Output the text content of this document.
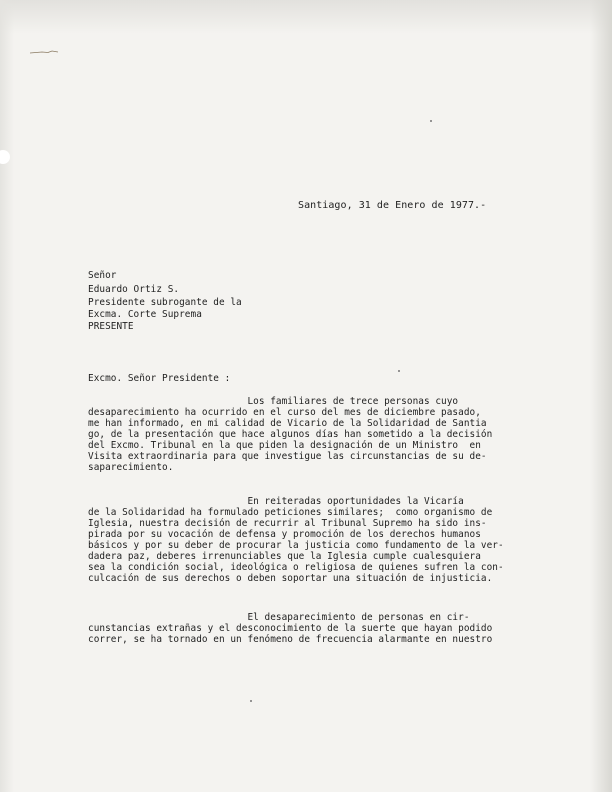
Santiago, 31 de Enero de 1977.-
Señor
Eduardo Ortiz S.
Presidente subrogante de la
Excma. Corte Suprema
PRESENTE
Excmo. Señor Presidente :
Los familiares de trece personas cuyo
desaparecimiento ha ocurrido en el curso del mes de diciembre pasado,
me han informado, en mi calidad de Vicario de la Solidaridad de Santia
go, de la presentación que hace algunos días han sometido a la decisión
del Excmo. Tribunal en la que piden la designación de un Ministro  en
Visita extraordinaria para que investigue las circunstancias de su de-
saparecimiento.
En reiteradas oportunidades la Vicaría
de la Solidaridad ha formulado peticiones similares;  como organismo de
Iglesia, nuestra decisión de recurrir al Tribunal Supremo ha sido ins-
pirada por su vocación de defensa y promoción de los derechos humanos
básicos y por su deber de procurar la justicia como fundamento de la ver-
dadera paz, deberes irrenunciables que la Iglesia cumple cualesquiera
sea la condición social, ideológica o religiosa de quienes sufren la con-
culcación de sus derechos o deben soportar una situación de injusticia.
El desaparecimiento de personas en cir-
cunstancias extrañas y el desconocimiento de la suerte que hayan podido
correr, se ha tornado en un fenómeno de frecuencia alarmante en nuestro
